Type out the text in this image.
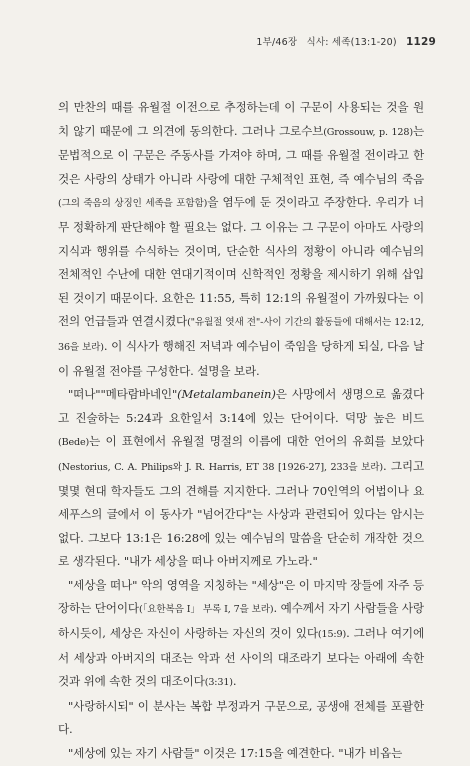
1부/46장 식사: 세족(13:1-20) 1129

의 만찬의 때를 유월절 이전으로 추정하는데 이 구문이 사용되는 것을 원치 않기 때문에 그 의견에 동의한다. 그러나 그로수브(Grossouw, p. 128)는 문법적으로 이 구문은 주동사를 가져야 하며, 그 때를 유월절 전이라고 한 것은 사랑의 상태가 아니라 사랑에 대한 구체적인 표현, 즉 예수님의 죽음(그의 죽음의 상징인 세족을 포함함)을 염두에 둔 것이라고 주장한다. 우리가 너무 정확하게 판단해야 할 필요는 없다. 그 이유는 그 구문이 아마도 사랑의 지식과 행위를 수식하는 것이며, 단순한 식사의 정황이 아니라 예수님의 전체적인 수난에 대한 연대기적이며 신학적인 정황을 제시하기 위해 삽입된 것이기 때문이다. 요한은 11:55, 특히 12:1의 유월절이 가까웠다는 이전의 언급들과 연결시켰다("유월절 엿새 전"-사이 기간의 활동들에 대해서는 12:12, 36을 보라). 이 식사가 행해진 저녁과 예수님이 죽임을 당하게 되실, 다음 날이 유월절 전야를 구성한다. 설명을 보라.

"떠나""메타람바네인"(Metalambanein)은 사망에서 생명으로 옮겼다고 진술하는 5:24과 요한일서 3:14에 있는 단어이다. 덕망 높은 비드(Bede)는 이 표현에서 유월절 명절의 이름에 대한 언어의 유희를 보았다(Nestorius, C. A. Philips와 J. R. Harris, ET 38 [1926-27], 233을 보라). 그리고 몇몇 현대 학자들도 그의 견해를 지지한다. 그러나 70인역의 어법이나 요세푸스의 글에서 이 동사가 "넘어간다"는 사상과 관련되어 있다는 암시는 없다. 그보다 13:1은 16:28에 있는 예수님의 말씀을 단순히 개작한 것으로 생각된다. "내가 세상을 떠나 아버지께로 가노라."

"세상을 떠나" 악의 영역을 지칭하는 "세상"은 이 마지막 장들에 자주 등장하는 단어이다(「요한복음 I」 부록 I, 7을 보라). 예수께서 자기 사람들을 사랑하시듯이, 세상은 자신이 사랑하는 자신의 것이 있다(15:9). 그러나 여기에서 세상과 아버지의 대조는 악과 선 사이의 대조라기 보다는 아래에 속한 것과 위에 속한 것의 대조이다(3:31).

"사랑하시되" 이 분사는 복합 부정과거 구문으로, 공생애 전체를 포괄한다.

"세상에 있는 자기 사람들" 이것은 17:15을 예견한다. "내가 비옵는
